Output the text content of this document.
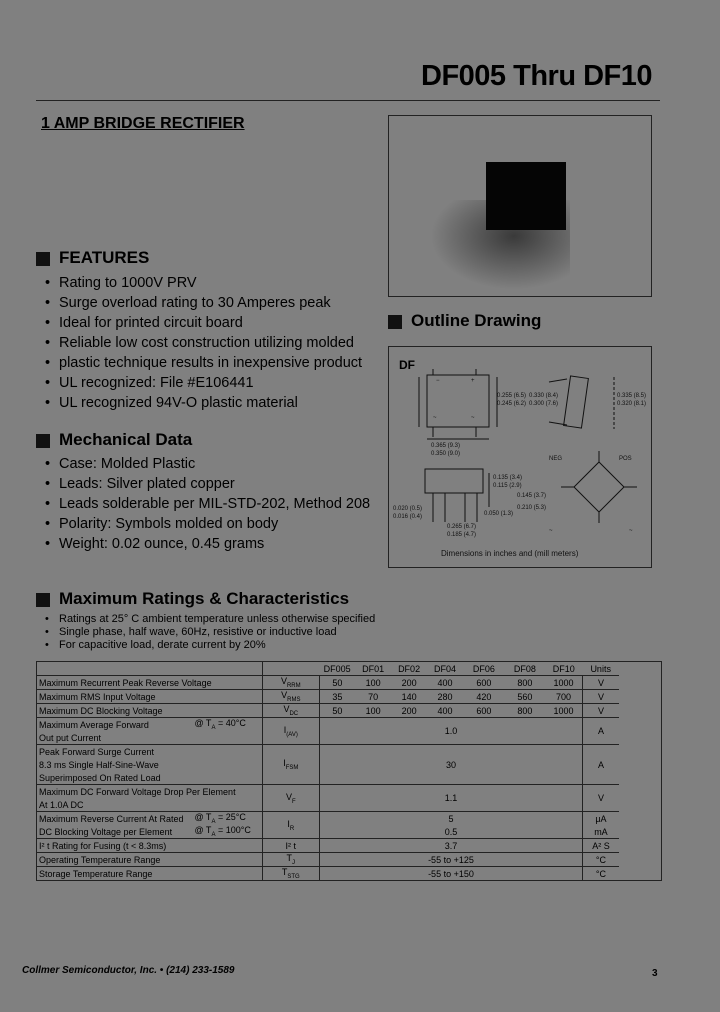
DF005 Thru DF10
1 AMP BRIDGE RECTIFIER
FEATURES
• Rating to 1000V PRV
• Surge overload rating to 30 Amperes peak
• Ideal for printed circuit board
• Reliable low cost construction utilizing molded
• plastic technique results in inexpensive product
• UL recognized: File #E106441
• UL recognized 94V-O plastic material
Mechanical Data
• Case: Molded Plastic
• Leads: Silver plated copper
• Leads solderable per MIL-STD-202, Method 208
• Polarity: Symbols molded on body
• Weight: 0.02 ounce, 0.45 grams
Outline Drawing
DF
−	+
~	~
0.255 (6.5)
0.245 (6.2)
0.330 (8.4)
0.300 (7.6)
0.335 (8.5)
0.320 (8.1)
0.365 (9.3)
0.350 (9.0)
0.135 (3.4)
0.115 (2.9)
0.020 (0.5)
0.016 (0.4)	0.050 (1.3)
0.145 (3.7)
0.265 (6.7)
0.185 (4.7)
0.210 (5.3)
NEG	POS
~	~
Dimensions in inches and (mill meters)
Maximum Ratings & Characteristics
• Ratings at 25° C ambient temperature unless otherwise specified
• Single phase, half wave, 60Hz, resistive or inductive load
• For capacitive load, derate current by 20%
			DF005	DF01	DF02	DF04	DF06	DF08	DF10	Units
Maximum Recurrent Peak Reverse Voltage		$V_{RRM}$	50	100	200	400	600	800	1000	V
Maximum RMS Input Voltage		$V_{RMS}$	35	70	140	280	420	560	700	V
Maximum DC Blocking Voltage		$V_{DC}$	50	100	200	400	600	800	1000	V
Maximum Average Forward	@ $T_A = 40^\circ C$	$I_{(AV)}$	1.0							A
Out put Current										
Peak Forward Surge Current		$I_{FSM}$	30							A
8.3 ms Single Half-Sine-Wave										
Superimposed On Rated Load										
Maximum DC Forward Voltage Drop Per Element		$V_F$	1.1							V
At 1.0A DC										
Maximum Reverse Current At Rated	@ $T_A = 25^\circ C$	$I_R$	5							μA
DC Blocking Voltage per Element	@ $T_A = 100^\circ C$		0.5							mA
I² t Rating for Fusing (t < 8.3ms)		I² t	3.7							A² S
Operating Temperature Range		$T_J$	-55 to +125							°C
Storage Temperature Range		$T_{STG}$	-55 to +150							°C
Collmer Semiconductor, Inc. • (214) 233-1589	3
